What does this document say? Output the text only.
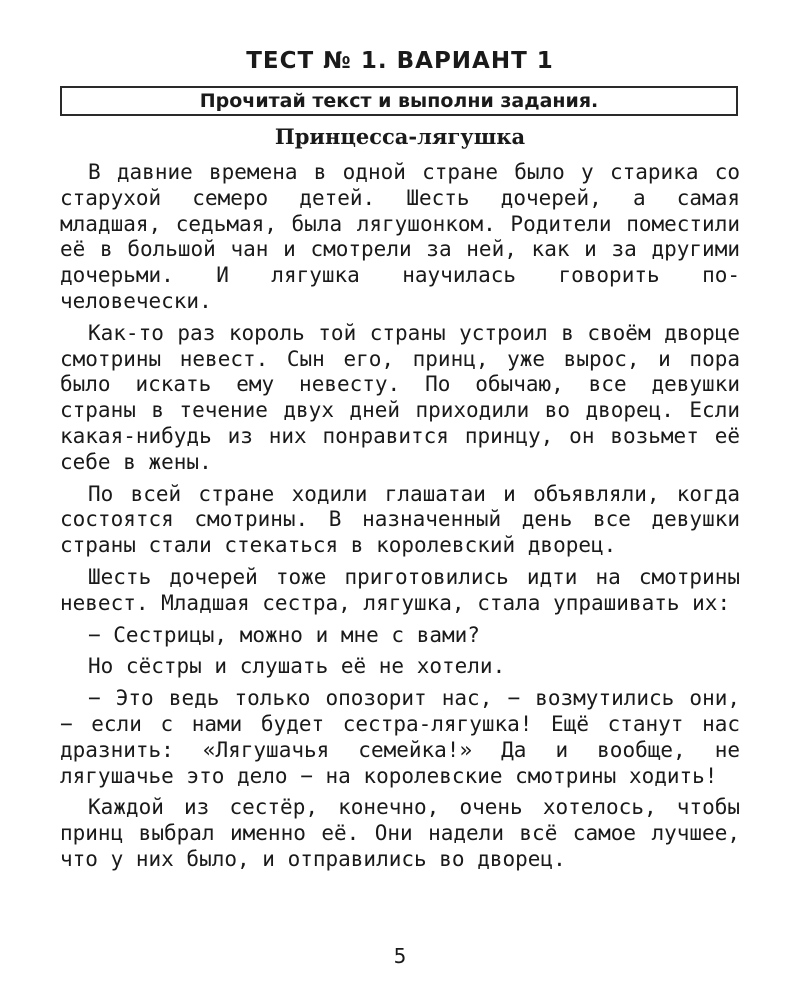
ТЕСТ № 1. ВАРИАНТ 1
Прочитай текст и выполни задания.
Принцесса-лягушка

В давние времена в одной стране было у старика со старухой семеро детей. Шесть дочерей, а самая младшая, седьмая, была лягушонком. Родители поместили её в большой чан и смотрели за ней, как и за другими дочерьми. И лягушка научилась говорить по-человечески.

Как-то раз король той страны устроил в своём дворце смотрины невест. Сын его, принц, уже вырос, и пора было искать ему невесту. По обычаю, все девушки страны в течение двух дней приходили во дворец. Если какая-нибудь из них понравится принцу, он возьмет её себе в жены.

По всей стране ходили глашатаи и объявляли, когда состоятся смотрины. В назначенный день все девушки страны стали стекаться в королевский дворец.

Шесть дочерей тоже приготовились идти на смотрины невест. Младшая сестра, лягушка, стала упрашивать их:

− Сестрицы, можно и мне с вами?

Но сёстры и слушать её не хотели.

− Это ведь только опозорит нас, − возмутились они, − если с нами будет сестра-лягушка! Ещё станут нас дразнить: «Лягушачья семейка!» Да и вообще, не лягушачье это дело − на королевские смотрины ходить!

Каждой из сестёр, конечно, очень хотелось, чтобы принц выбрал именно её. Они надели всё самое лучшее, что у них было, и отправились во дворец.

5
